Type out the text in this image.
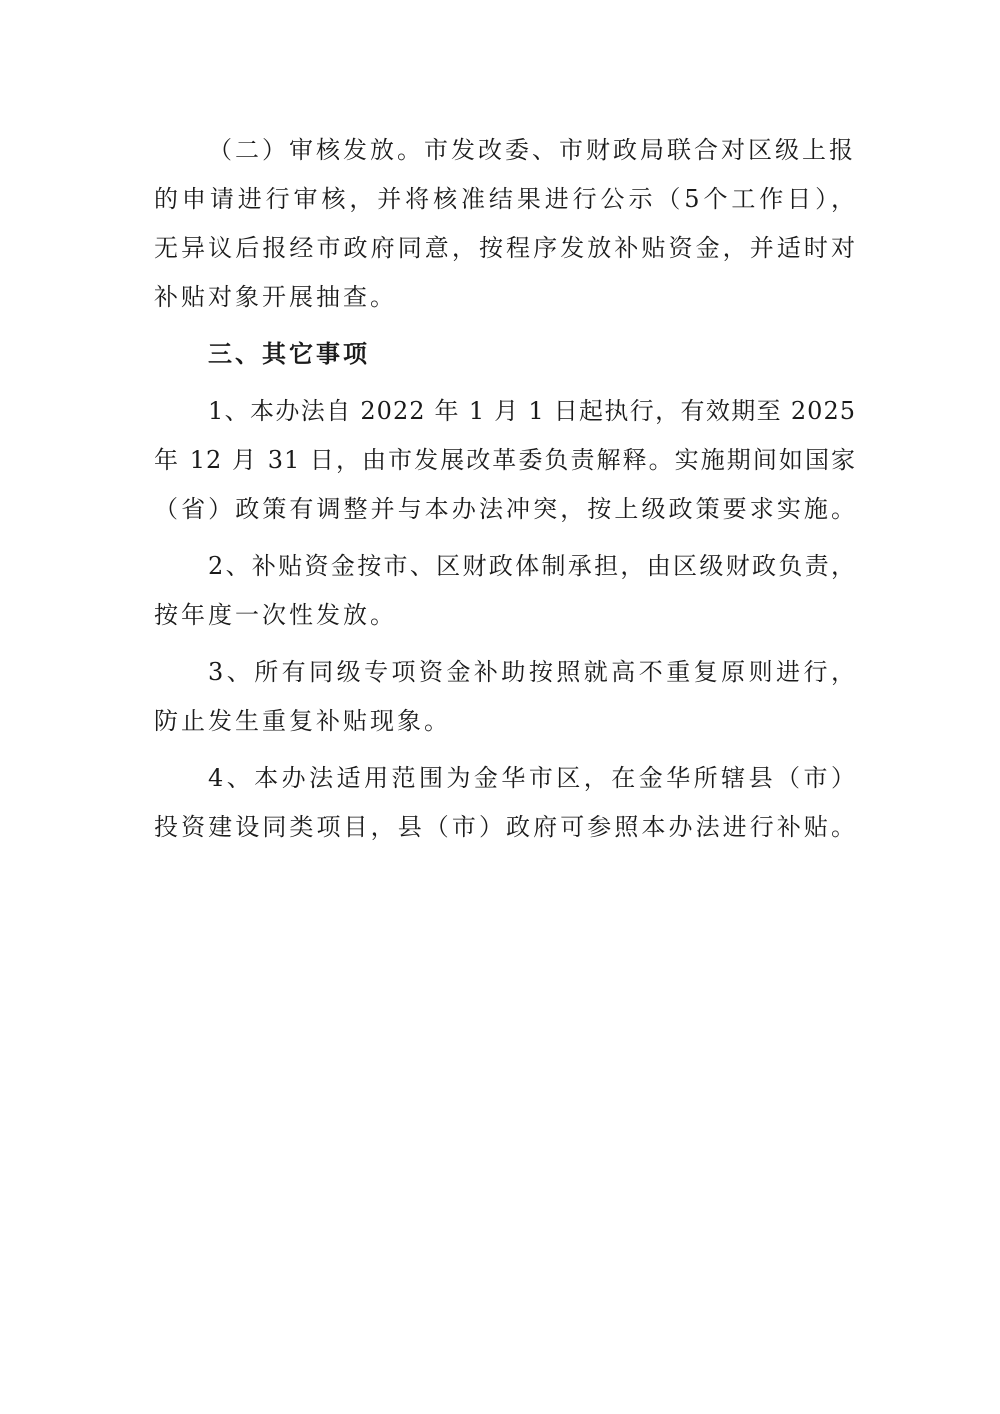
（二）审核发放。市发改委、市财政局联合对区级上报
的申请进行审核，并将核准结果进行公示（5个工作日），
无异议后报经市政府同意，按程序发放补贴资金，并适时对
补贴对象开展抽查。
三、其它事项
1、本办法自 2022 年 1 月 1 日起执行，有效期至 2025
年 12 月 31 日，由市发展改革委负责解释。实施期间如国家
（省）政策有调整并与本办法冲突，按上级政策要求实施。
2、补贴资金按市、区财政体制承担，由区级财政负责，
按年度一次性发放。
3、所有同级专项资金补助按照就高不重复原则进行，
防止发生重复补贴现象。
4、本办法适用范围为金华市区，在金华所辖县（市）
投资建设同类项目，县（市）政府可参照本办法进行补贴。
